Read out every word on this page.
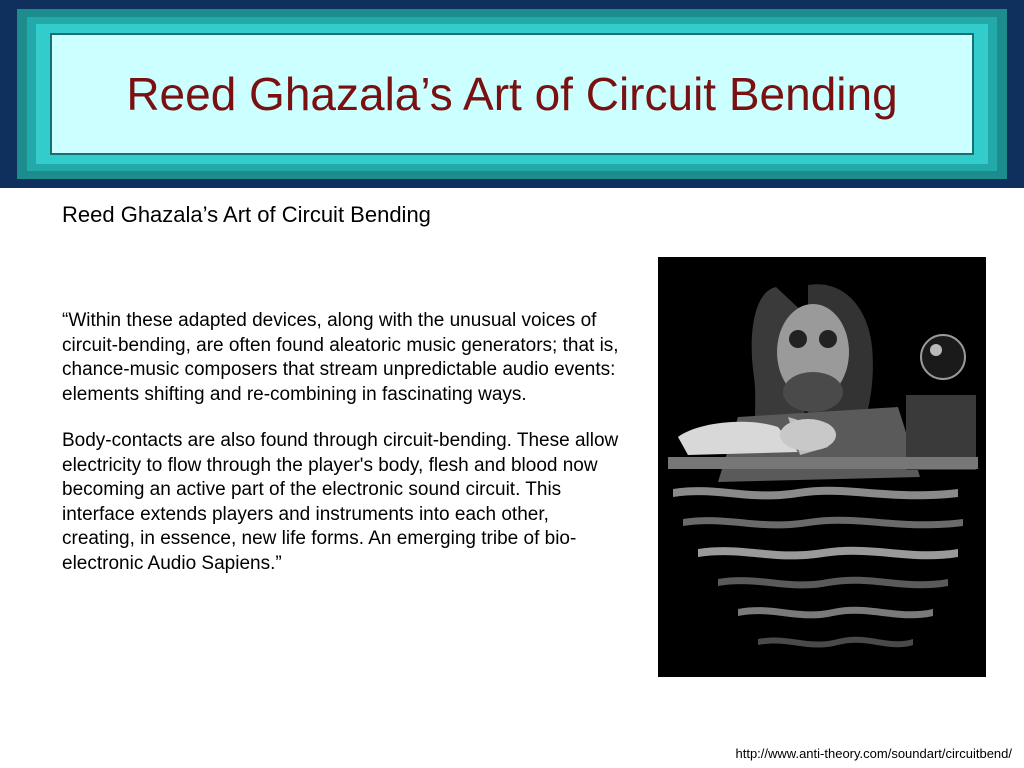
Reed Ghazala’s Art of Circuit Bending
Reed Ghazala’s Art of Circuit Bending

“Within these adapted devices, along with the unusual voices of circuit-bending, are often found aleatoric music generators; that is, chance-music composers that stream unpredictable audio events: elements shifting and re-combining in fascinating ways.

Body-contacts are also found through circuit-bending. These allow electricity to flow through the player's body, flesh and blood now becoming an active part of the electronic sound circuit. This interface extends players and instruments into each other, creating, in essence, new life forms. An emerging tribe of bio-electronic Audio Sapiens.”

http://www.anti-theory.com/soundart/circuitbend/
